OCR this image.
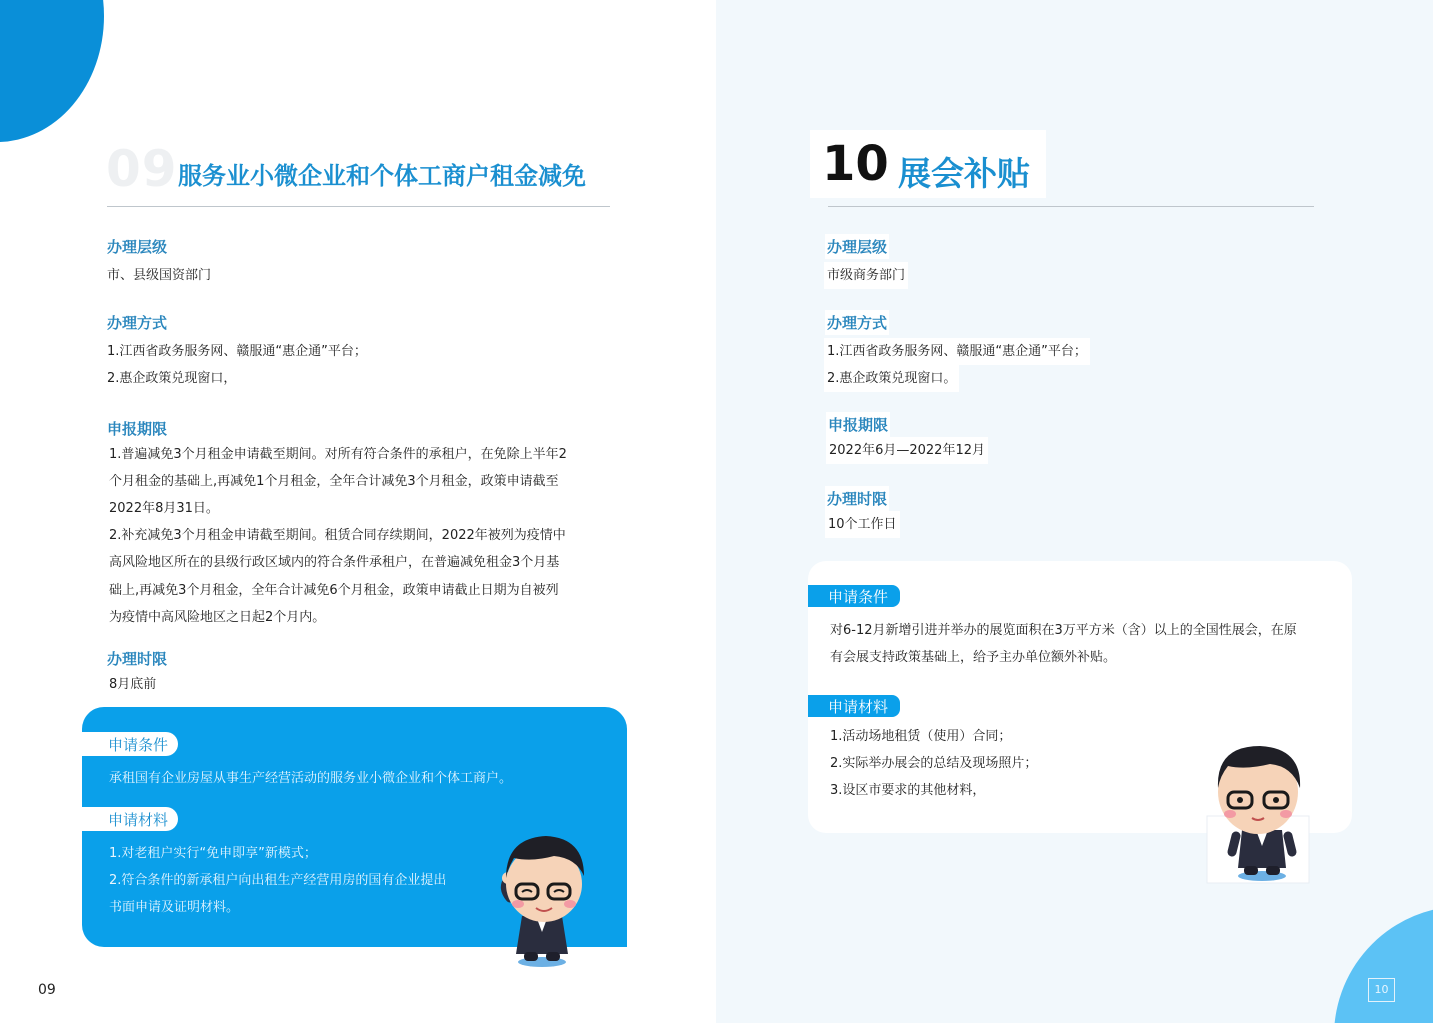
09 服务业小微企业和个体工商户租金减免
办理层级
市、县级国资部门
办理方式
1.江西省政务服务网、赣服通“惠企通”平台；
2.惠企政策兑现窗口，
申报期限
1.普遍减免3个月租金申请截至期间。对所有符合条件的承租户，在免除上半年2
个月租金的基础上,再减免1个月租金，全年合计减免3个月租金，政策申请截至
2022年8月31日。
2.补充减免3个月租金申请截至期间。租赁合同存续期间，2022年被列为疫情中
高风险地区所在的县级行政区域内的符合条件承租户，在普遍减免租金3个月基
础上,再减免3个月租金，全年合计减免6个月租金，政策申请截止日期为自被列
为疫情中高风险地区之日起2个月内。
办理时限
8月底前
申请条件
承租国有企业房屋从事生产经营活动的服务业小微企业和个体工商户。
申请材料
1.对老租户实行“免申即享”新模式；
2.符合条件的新承租户向出租生产经营用房的国有企业提出
书面申请及证明材料。
09
10 展会补贴
办理层级
市级商务部门
办理方式
1.江西省政务服务网、赣服通“惠企通”平台；
2.惠企政策兑现窗口。
申报期限
2022年6月—2022年12月
办理时限
10个工作日
申请条件
对6-12月新增引进并举办的展览面积在3万平方米（含）以上的全国性展会，在原
有会展支持政策基础上，给予主办单位额外补贴。
申请材料
1.活动场地租赁（使用）合同；
2.实际举办展会的总结及现场照片；
3.设区市要求的其他材料，
10
